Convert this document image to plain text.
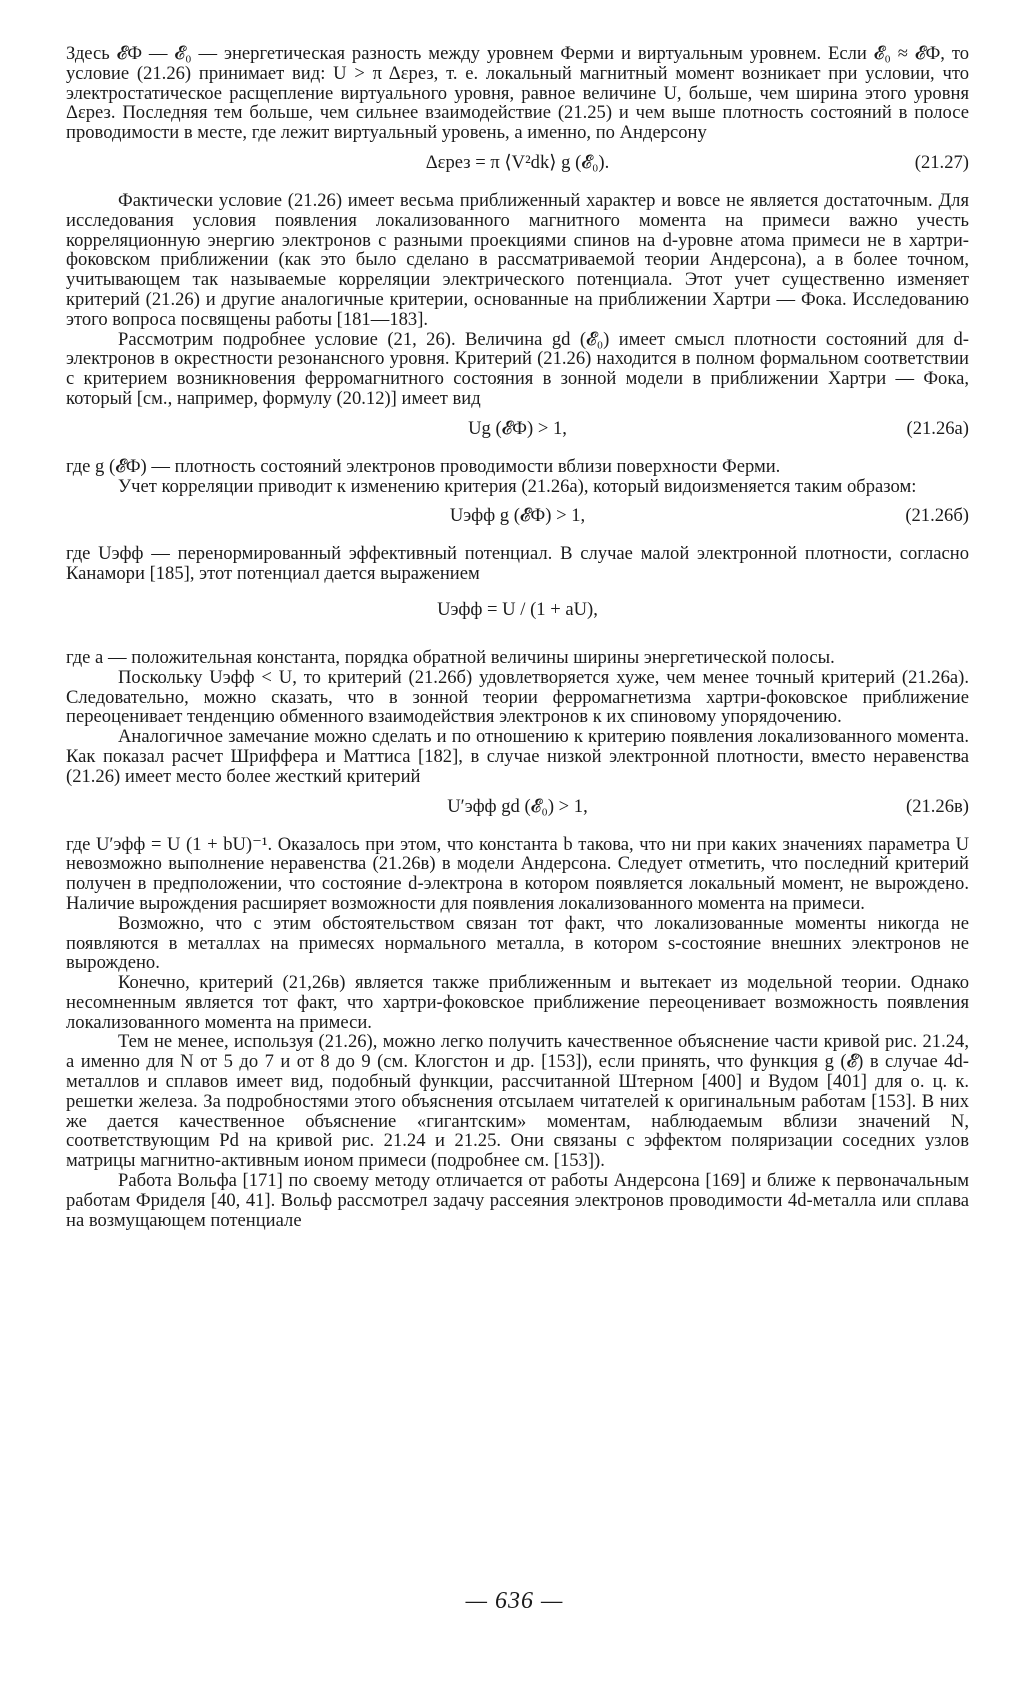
Здесь 𝓔Ф — 𝓔₀ — энергетическая разность между уровнем Ферми и виртуальным уровнем. Если 𝓔₀ ≈ 𝓔Ф, то условие (21.26) принимает вид: U > π Δεрез, т. е. локальный магнитный момент возникает при условии, что электростатическое расщепление виртуального уровня, равное величине U, больше, чем ширина этого уровня Δεрез. Последняя тем больше, чем сильнее взаимодействие (21.25) и чем выше плотность состояний в полосе проводимости в месте, где лежит виртуальный уровень, а именно, по Андерсону

Δεрез = π ⟨V²dk⟩ g (𝓔₀).	(21.27)

Фактически условие (21.26) имеет весьма приближенный характер и вовсе не является достаточным. Для исследования условия появления локализованного магнитного момента на примеси важно учесть корреляционную энергию электронов с разными проекциями спинов на d-уровне атома примеси не в хартри-фоковском приближении (как это было сделано в рассматриваемой теории Андерсона), а в более точном, учитывающем так называемые корреляции электрического потенциала. Этот учет существенно изменяет критерий (21.26) и другие аналогичные критерии, основанные на приближении Хартри — Фока. Исследованию этого вопроса посвящены работы [181—183].

Рассмотрим подробнее условие (21, 26). Величина gd (𝓔₀) имеет смысл плотности состояний для d-электронов в окрестности резонансного уровня. Критерий (21.26) находится в полном формальном соответствии с критерием возникновения ферромагнитного состояния в зонной модели в приближении Хартри — Фока, который [см., например, формулу (20.12)] имеет вид

Ug (𝓔Ф) > 1,	(21.26а)

где g (𝓔Ф) — плотность состояний электронов проводимости вблизи поверхности Ферми.

Учет корреляции приводит к изменению критерия (21.26а), который видоизменяется таким образом:

Uэфф g (𝓔Ф) > 1,	(21.26б)

где Uэфф — перенормированный эффективный потенциал. В случае малой электронной плотности, согласно Канамори [185], этот потенциал дается выражением

Uэфф = U / (1 + aU),

где a — положительная константа, порядка обратной величины ширины энергетической полосы.

Поскольку Uэфф < U, то критерий (21.26б) удовлетворяется хуже, чем менее точный критерий (21.26а). Следовательно, можно сказать, что в зонной теории ферромагнетизма хартри-фоковское приближение переоценивает тенденцию обменного взаимодействия электронов к их спиновому упорядочению.

Аналогичное замечание можно сделать и по отношению к критерию появления локализованного момента. Как показал расчет Шриффера и Маттиса [182], в случае низкой электронной плотности, вместо неравенства (21.26) имеет место более жесткий критерий

U′эфф gd (𝓔₀) > 1,	(21.26в)

где U′эфф = U (1 + bU)⁻¹. Оказалось при этом, что константа b такова, что ни при каких значениях параметра U невозможно выполнение неравенства (21.26в) в модели Андерсона. Следует отметить, что последний критерий получен в предположении, что состояние d-электрона в котором появляется локальный момент, не вырождено. Наличие вырождения расширяет возможности для появления локализованного момента на примеси.

Возможно, что с этим обстоятельством связан тот факт, что локализованные моменты никогда не появляются в металлах на примесях нормального металла, в котором s-состояние внешних электронов не вырождено.

Конечно, критерий (21,26в) является также приближенным и вытекает из модельной теории. Однако несомненным является тот факт, что хартри-фоковское приближение переоценивает возможность появления локализованного момента на примеси.

Тем не менее, используя (21.26), можно легко получить качественное объяснение части кривой рис. 21.24, а именно для N от 5 до 7 и от 8 до 9 (см. Клогстон и др. [153]), если принять, что функция g (𝓔) в случае 4d-металлов и сплавов имеет вид, подобный функции, рассчитанной Штерном [400] и Вудом [401] для о. ц. к. решетки железа. За подробностями этого объяснения отсылаем читателей к оригинальным работам [153]. В них же дается качественное объяснение «гигантским» моментам, наблюдаемым вблизи значений N, соответствующим Pd на кривой рис. 21.24 и 21.25. Они связаны с эффектом поляризации соседних узлов матрицы магнитно-активным ионом примеси (подробнее см. [153]).

Работа Вольфа [171] по своему методу отличается от работы Андерсона [169] и ближе к первоначальным работам Фриделя [40, 41]. Вольф рассмотрел задачу рассеяния электронов проводимости 4d-металла или сплава на возмущающем потенциале

— 636 —
